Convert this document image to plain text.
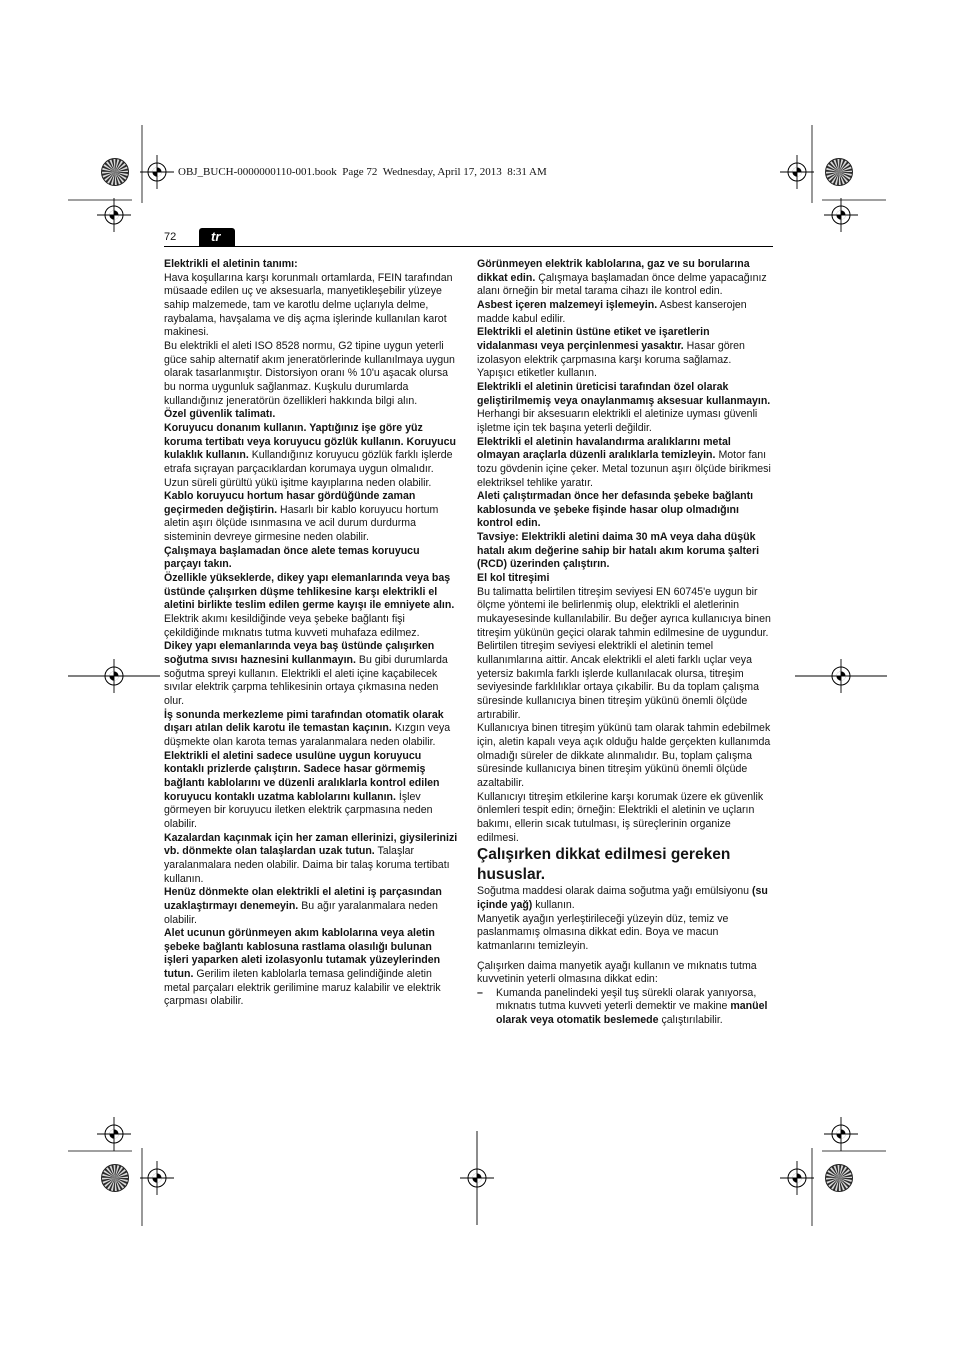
OBJ_BUCH-0000000110-001.book  Page 72  Wednesday, April 17, 2013  8:31 AM
72	tr

Elektrikli el aletinin tanımı:

Hava koşullarına karşı korunmalı ortamlarda, FEIN tarafından müsaade edilen uç ve aksesuarla, manyetikleşebilir yüzeye sahip malzemede, tam ve karotlu delme uçlarıyla delme, raybalama, havşalama ve diş açma işlerinde kullanılan karot makinesi.

Bu elektrikli el aleti ISO 8528 normu, G2 tipine uygun yeterli güce sahip alternatif akım jeneratörlerinde kullanılmaya uygun olarak tasarlanmıştır. Distorsiyon oranı % 10'u aşacak olursa bu norma uygunluk sağlanmaz. Kuşkulu durumlarda kullandığınız jeneratörün özellikleri hakkında bilgi alın.

Özel güvenlik talimatı.

Koruyucu donanım kullanın. Yaptığınız işe göre yüz koruma tertibatı veya koruyucu gözlük kullanın. Koruyucu kulaklık kullanın. Kullandığınız koruyucu gözlük farklı işlerde etrafa sıçrayan parçacıklardan korumaya uygun olmalıdır. Uzun süreli gürültü yükü işitme kayıplarına neden olabilir.

Kablo koruyucu hortum hasar gördüğünde zaman geçirmeden değiştirin. Hasarlı bir kablo koruyucu hortum aletin aşırı ölçüde ısınmasına ve acil durum durdurma sisteminin devreye girmesine neden olabilir.

Çalışmaya başlamadan önce alete temas koruyucu parçayı takın.

Özellikle yükseklerde, dikey yapı elemanlarında veya baş üstünde çalışırken düşme tehlikesine karşı elektrikli el aletini birlikte teslim edilen germe kayışı ile emniyete alın. Elektrik akımı kesildiğinde veya şebeke bağlantı fişi çekildiğinde mıknatıs tutma kuvveti muhafaza edilmez.

Dikey yapı elemanlarında veya baş üstünde çalışırken soğutma sıvısı haznesini kullanmayın. Bu gibi durumlarda soğutma spreyi kullanın. Elektrikli el aleti içine kaçabilecek sıvılar elektrik çarpma tehlikesinin ortaya çıkmasına neden olur.

İş sonunda merkezleme pimi tarafından otomatik olarak dışarı atılan delik karotu ile temastan kaçının. Kızgın veya düşmekte olan karota temas yaralanmalara neden olabilir.

Elektrikli el aletini sadece usulüne uygun koruyucu kontaklı prizlerde çalıştırın. Sadece hasar görmemiş bağlantı kablolarını ve düzenli aralıklarla kontrol edilen koruyucu kontaklı uzatma kablolarını kullanın. İşlev görmeyen bir koruyucu iletken elektrik çarpmasına neden olabilir.

Kazalardan kaçınmak için her zaman ellerinizi, giysilerinizi vb. dönmekte olan talaşlardan uzak tutun. Talaşlar yaralanmalara neden olabilir. Daima bir talaş koruma tertibatı kullanın.

Henüz dönmekte olan elektrikli el aletini iş parçasından uzaklaştırmayı denemeyin. Bu ağır yaralanmalara neden olabilir.

Alet ucunun görünmeyen akım kablolarına veya aletin şebeke bağlantı kablosuna rastlama olasılığı bulunan işleri yaparken aleti izolasyonlu tutamak yüzeylerinden tutun. Gerilim ileten kablolarla temasa gelindiğinde aletin metal parçaları elektrik gerilimine maruz kalabilir ve elektrik çarpması olabilir.

Görünmeyen elektrik kablolarına, gaz ve su borularına dikkat edin. Çalışmaya başlamadan önce delme yapacağınız alanı örneğin bir metal tarama cihazı ile kontrol edin.

Asbest içeren malzemeyi işlemeyin. Asbest kanserojen madde kabul edilir.

Elektrikli el aletinin üstüne etiket ve işaretlerin vidalanması veya perçinlenmesi yasaktır. Hasar gören izolasyon elektrik çarpmasına karşı koruma sağlamaz. Yapışıcı etiketler kullanın.

Elektrikli el aletinin üreticisi tarafından özel olarak geliştirilmemiş veya onaylanmamış aksesuar kullanmayın. Herhangi bir aksesuarın elektrikli el aletinize uyması güvenli işletme için tek başına yeterli değildir.

Elektrikli el aletinin havalandırma aralıklarını metal olmayan araçlarla düzenli aralıklarla temizleyin. Motor fanı tozu gövdenin içine çeker. Metal tozunun aşırı ölçüde birikmesi elektriksel tehlike yaratır.

Aleti çalıştırmadan önce her defasında şebeke bağlantı kablosunda ve şebeke fişinde hasar olup olmadığını kontrol edin.

Tavsiye: Elektrikli aletini daima 30 mA veya daha düşük hatalı akım değerine sahip bir hatalı akım koruma şalteri (RCD) üzerinden çalıştırın.

El kol titreşimi

Bu talimatta belirtilen titreşim seviyesi EN 60745'e uygun bir ölçme yöntemi ile belirlenmiş olup, elektrikli el aletlerinin mukayesesinde kullanılabilir. Bu değer ayrıca kullanıcıya binen titreşim yükünün geçici olarak tahmin edilmesine de uygundur.

Belirtilen titreşim seviyesi elektrikli el aletinin temel kullanımlarına aittir. Ancak elektrikli el aleti farklı uçlar veya yetersiz bakımla farklı işlerde kullanılacak olursa, titreşim seviyesinde farklılıklar ortaya çıkabilir. Bu da toplam çalışma süresinde kullanıcıya binen titreşim yükünü önemli ölçüde artırabilir.

Kullanıcıya binen titreşim yükünü tam olarak tahmin edebilmek için, aletin kapalı veya açık olduğu halde gerçekten kullanımda olmadığı süreler de dikkate alınmalıdır. Bu, toplam çalışma süresinde kullanıcıya binen titreşim yükünü önemli ölçüde azaltabilir.

Kullanıcıyı titreşim etkilerine karşı korumak üzere ek güvenlik önlemleri tespit edin; örneğin: Elektrikli el aletinin ve uçların bakımı, ellerin sıcak tutulması, iş süreçlerinin organize edilmesi.

Çalışırken dikkat edilmesi gereken hususlar.

Soğutma maddesi olarak daima soğutma yağı emülsiyonu (su içinde yağ) kullanın.

Manyetik ayağın yerleştirileceği yüzeyin düz, temiz ve paslanmamış olmasına dikkat edin. Boya ve macun katmanlarını temizleyin.

Çalışırken daima manyetik ayağı kullanın ve mıknatıs tutma kuvvetinin yeterli olmasına dikkat edin:

– Kumanda panelindeki yeşil tuş sürekli olarak yanıyorsa, mıknatıs tutma kuvveti yeterli demektir ve makine manüel olarak veya otomatik beslemede çalıştırılabilir.
